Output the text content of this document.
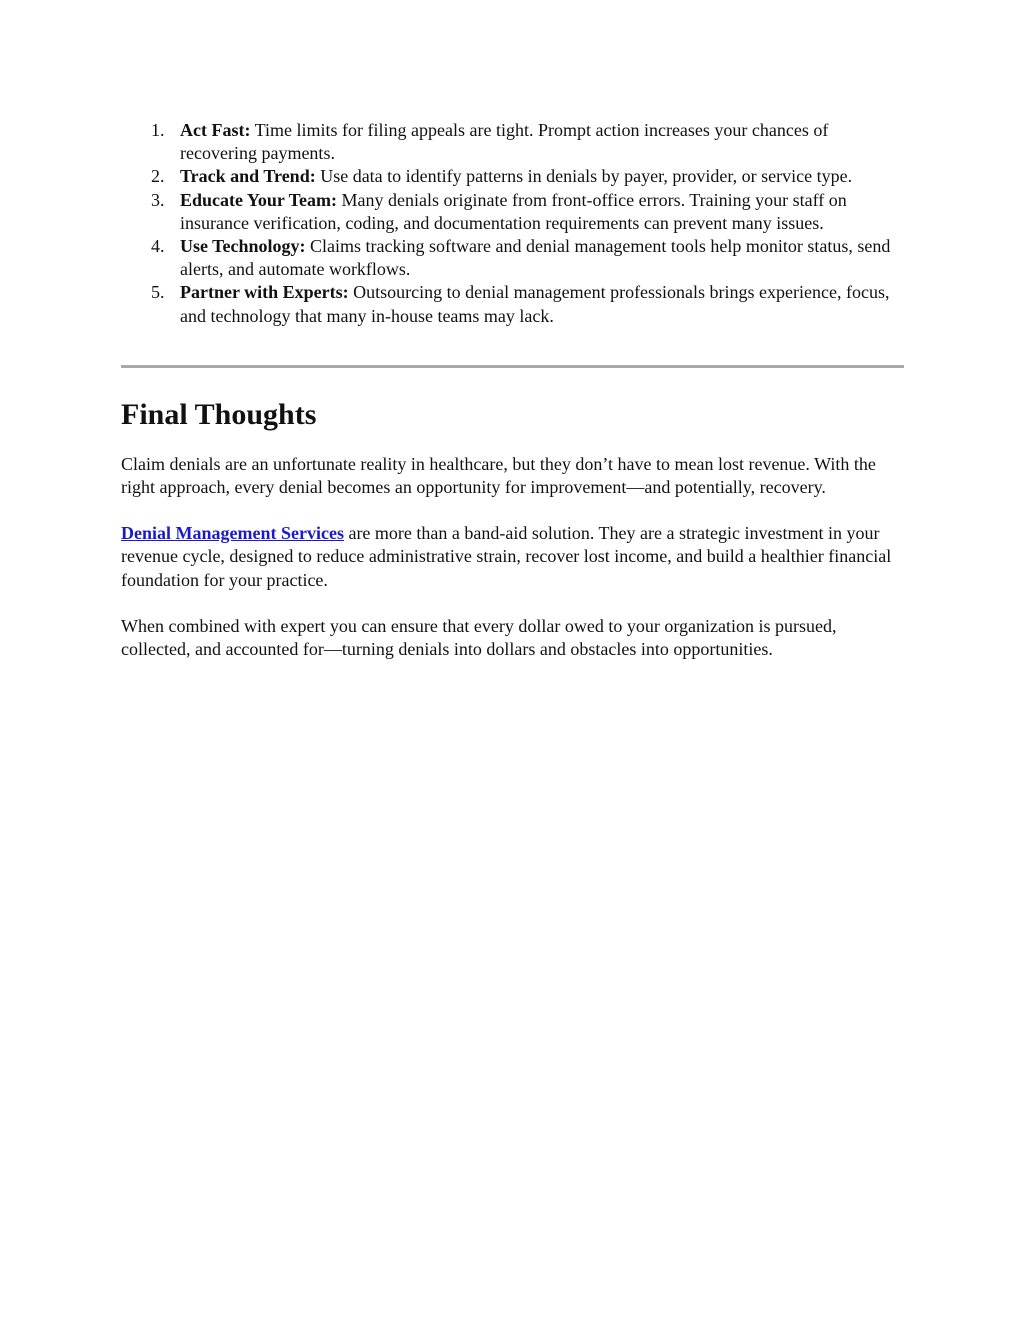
1. Act Fast: Time limits for filing appeals are tight. Prompt action increases your chances of recovering payments.
2. Track and Trend: Use data to identify patterns in denials by payer, provider, or service type.
3. Educate Your Team: Many denials originate from front-office errors. Training your staff on insurance verification, coding, and documentation requirements can prevent many issues.
4. Use Technology: Claims tracking software and denial management tools help monitor status, send alerts, and automate workflows.
5. Partner with Experts: Outsourcing to denial management professionals brings experience, focus, and technology that many in-house teams may lack.
Final Thoughts

Claim denials are an unfortunate reality in healthcare, but they don’t have to mean lost revenue. With the right approach, every denial becomes an opportunity for improvement—and potentially, recovery.

Denial Management Services are more than a band-aid solution. They are a strategic investment in your revenue cycle, designed to reduce administrative strain, recover lost income, and build a healthier financial foundation for your practice.

When combined with expert you can ensure that every dollar owed to your organization is pursued, collected, and accounted for—turning denials into dollars and obstacles into opportunities.
